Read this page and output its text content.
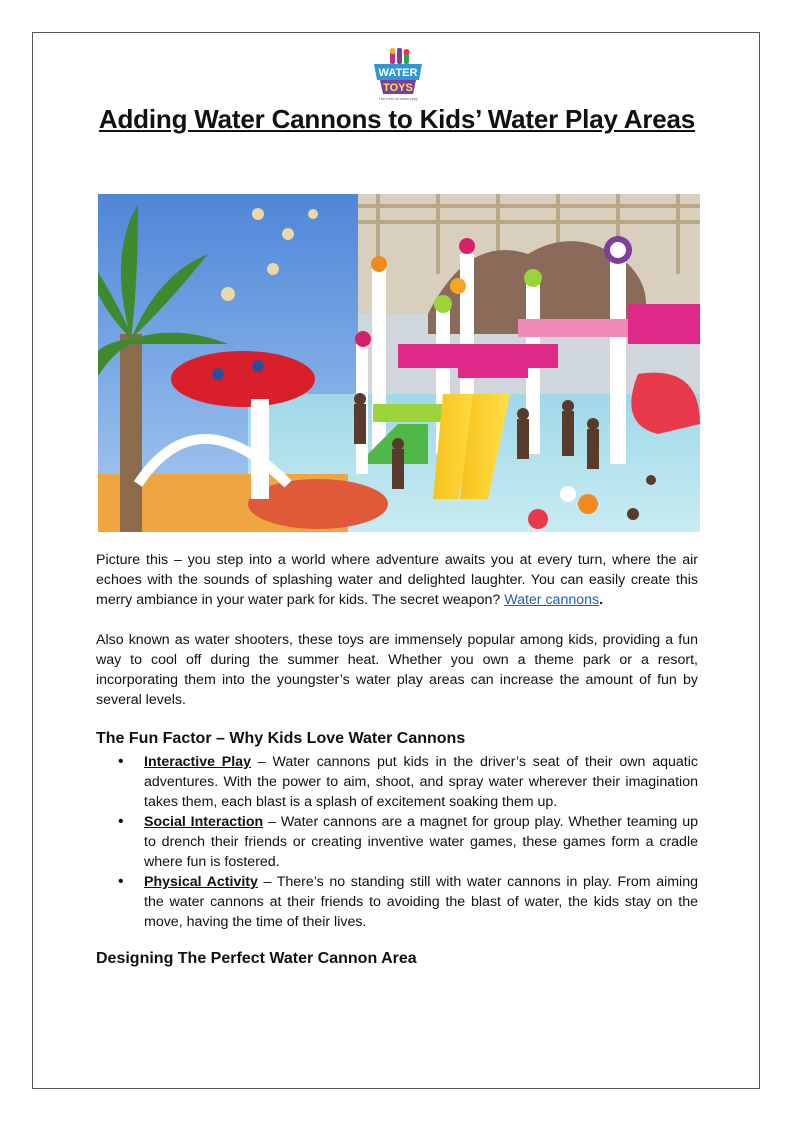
WATER
TOYS
The best of water play
Adding Water Cannons to Kids’ Water Play Areas

Picture this – you step into a world where adventure awaits you at every turn, where the air echoes with the sounds of splashing water and delighted laughter. You can easily create this merry ambiance in your water park for kids. The secret weapon? Water cannons.

Also known as water shooters, these toys are immensely popular among kids, providing a fun way to cool off during the summer heat. Whether you own a theme park or a resort, incorporating them into the youngster’s water play areas can increase the amount of fun by several levels.

The Fun Factor – Why Kids Love Water Cannons
• Interactive Play – Water cannons put kids in the driver’s seat of their own aquatic adventures. With the power to aim, shoot, and spray water wherever their imagination takes them, each blast is a splash of excitement soaking them up.
• Social Interaction – Water cannons are a magnet for group play. Whether teaming up to drench their friends or creating inventive water games, these games form a cradle where fun is fostered.
• Physical Activity – There’s no standing still with water cannons in play. From aiming the water cannons at their friends to avoiding the blast of water, the kids stay on the move, having the time of their lives.
Designing The Perfect Water Cannon Area
